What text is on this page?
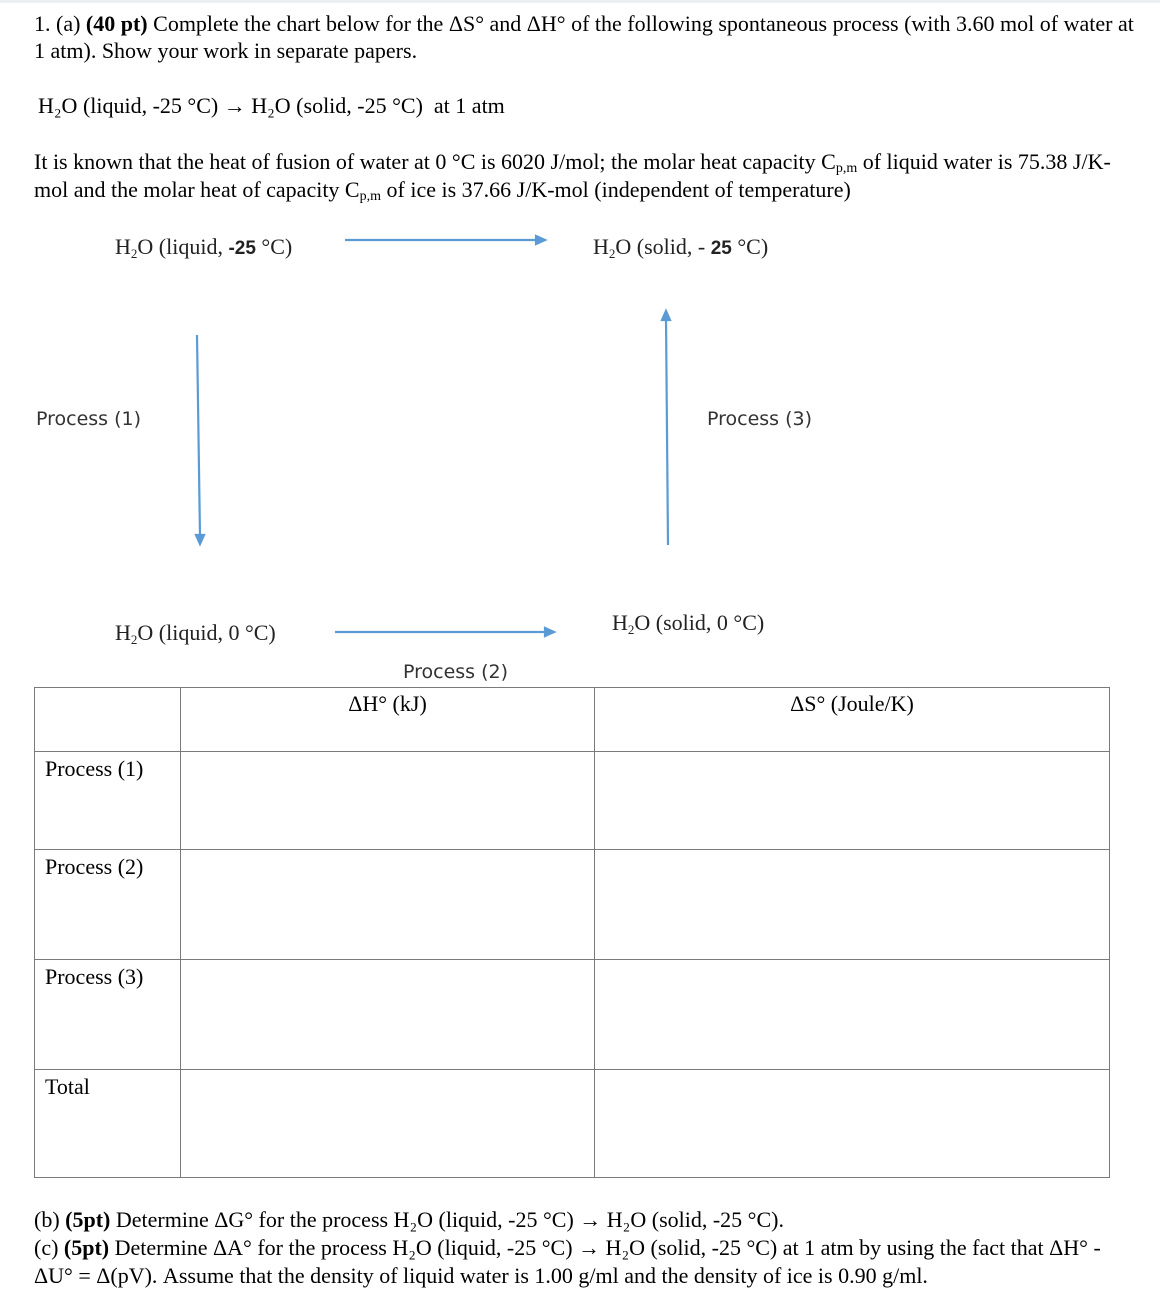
1. (a) (40 pt) Complete the chart below for the ΔS° and ΔH° of the following spontaneous process (with 3.60 mol of water at 1 atm). Show your work in separate papers.

H₂O (liquid, -25 °C) → H₂O (solid, -25 °C) at 1 atm

It is known that the heat of fusion of water at 0 °C is 6020 J/mol; the molar heat capacity $C_{p,m}$ of liquid water is 75.38 J/K-mol and the molar heat of capacity $C_{p,m}$ of ice is 37.66 J/K-mol (independent of temperature)

H2O (liquid, -25 °C)	H2O (solid, - 25 °C)
H2O (liquid, 0 °C)	H2O (solid, 0 °C)
Process (1)	Process (3)
Process (2)
	ΔH° (kJ)	ΔS° (Joule/K)
Process (1)		
Process (2)		
Process (3)		
Total		

(b) (5pt) Determine ΔG° for the process H₂O (liquid, -25 °C) → H₂O (solid, -25 °C).

(c) (5pt) Determine ΔA° for the process H₂O (liquid, -25 °C) → H₂O (solid, -25 °C) at 1 atm by using the fact that ΔH° - ΔU° = Δ(pV). Assume that the density of liquid water is 1.00 g/ml and the density of ice is 0.90 g/ml.
